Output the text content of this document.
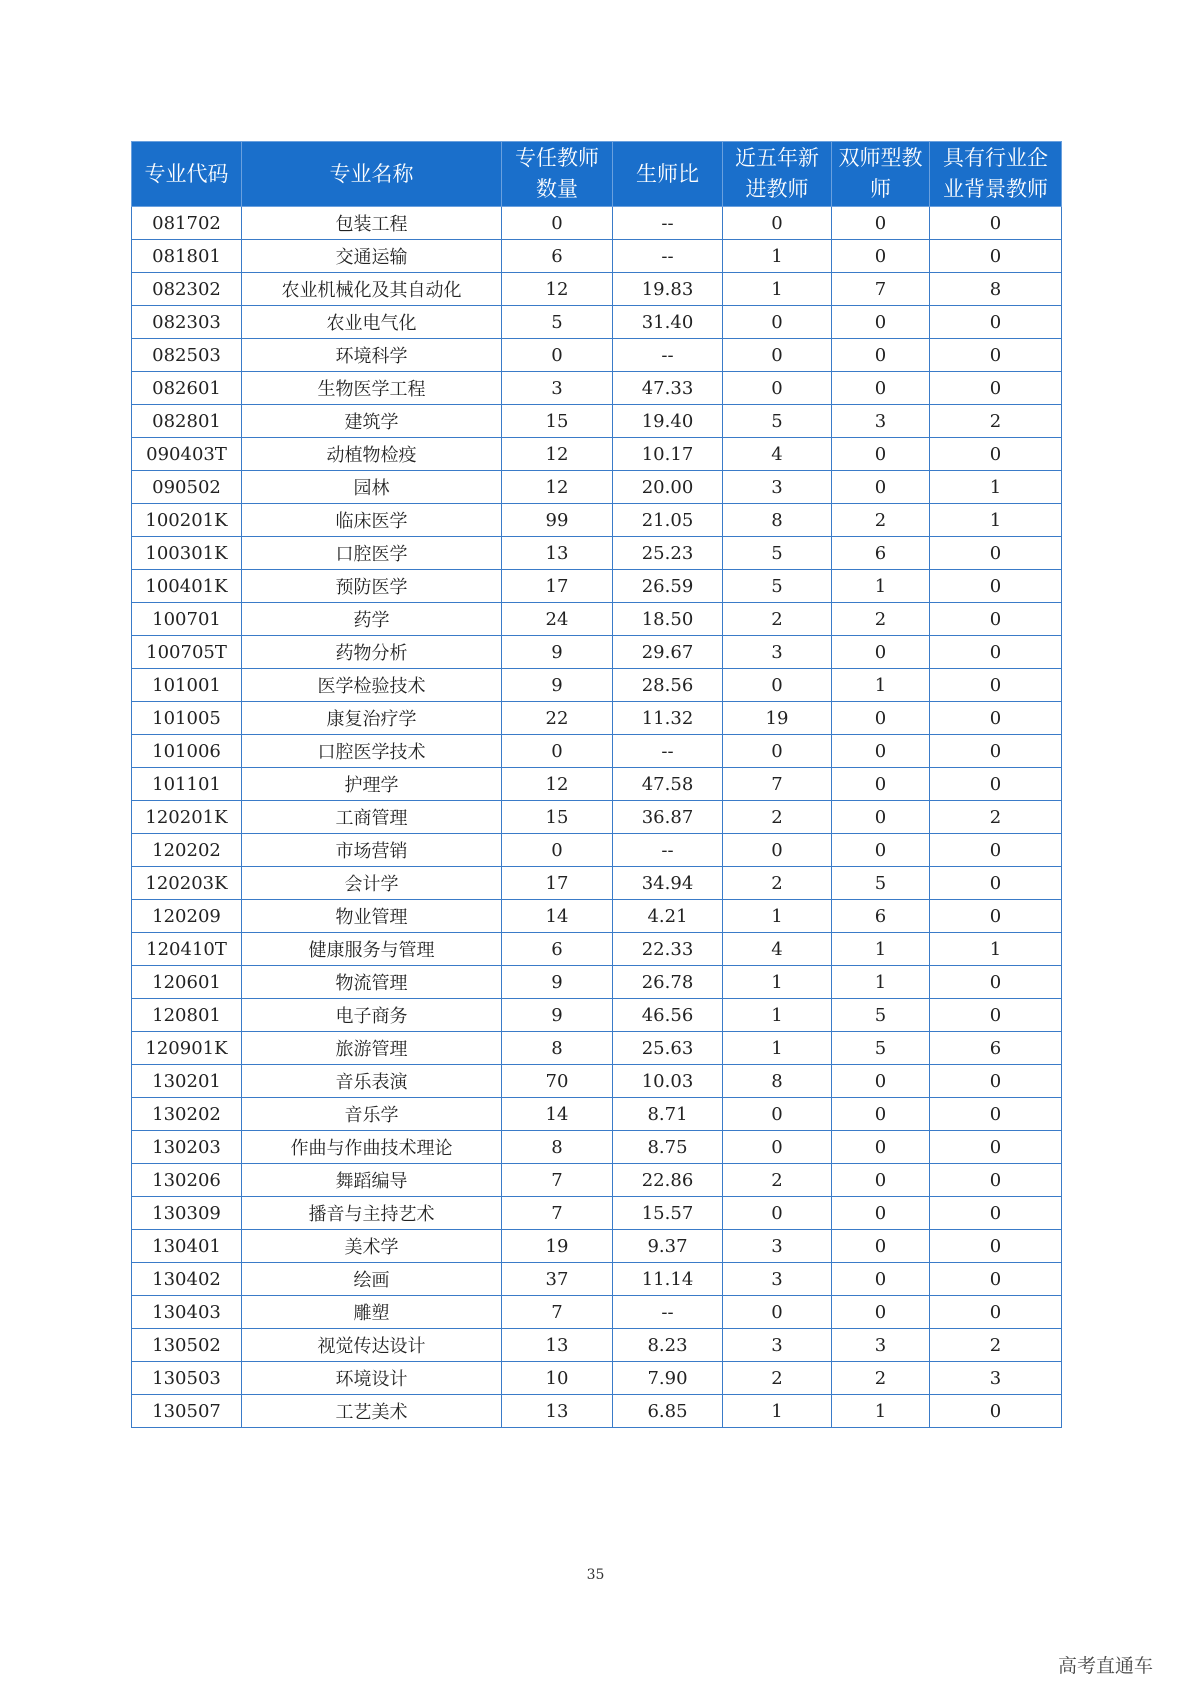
专业代码	专业名称	专任教师数量	生师比	近五年新进教师	双师型教师	具有行业企业背景教师
081702	包装工程	0	--	0	0	0
081801	交通运输	6	--	1	0	0
082302	农业机械化及其自动化	12	19.83	1	7	8
082303	农业电气化	5	31.40	0	0	0
082503	环境科学	0	--	0	0	0
082601	生物医学工程	3	47.33	0	0	0
082801	建筑学	15	19.40	5	3	2
090403T	动植物检疫	12	10.17	4	0	0
090502	园林	12	20.00	3	0	1
100201K	临床医学	99	21.05	8	2	1
100301K	口腔医学	13	25.23	5	6	0
100401K	预防医学	17	26.59	5	1	0
100701	药学	24	18.50	2	2	0
100705T	药物分析	9	29.67	3	0	0
101001	医学检验技术	9	28.56	0	1	0
101005	康复治疗学	22	11.32	19	0	0
101006	口腔医学技术	0	--	0	0	0
101101	护理学	12	47.58	7	0	0
120201K	工商管理	15	36.87	2	0	2
120202	市场营销	0	--	0	0	0
120203K	会计学	17	34.94	2	5	0
120209	物业管理	14	4.21	1	6	0
120410T	健康服务与管理	6	22.33	4	1	1
120601	物流管理	9	26.78	1	1	0
120801	电子商务	9	46.56	1	5	0
120901K	旅游管理	8	25.63	1	5	6
130201	音乐表演	70	10.03	8	0	0
130202	音乐学	14	8.71	0	0	0
130203	作曲与作曲技术理论	8	8.75	0	0	0
130206	舞蹈编导	7	22.86	2	0	0
130309	播音与主持艺术	7	15.57	0	0	0
130401	美术学	19	9.37	3	0	0
130402	绘画	37	11.14	3	0	0
130403	雕塑	7	--	0	0	0
130502	视觉传达设计	13	8.23	3	3	2
130503	环境设计	10	7.90	2	2	3
130507	工艺美术	13	6.85	1	1	0
35
高考直通车
